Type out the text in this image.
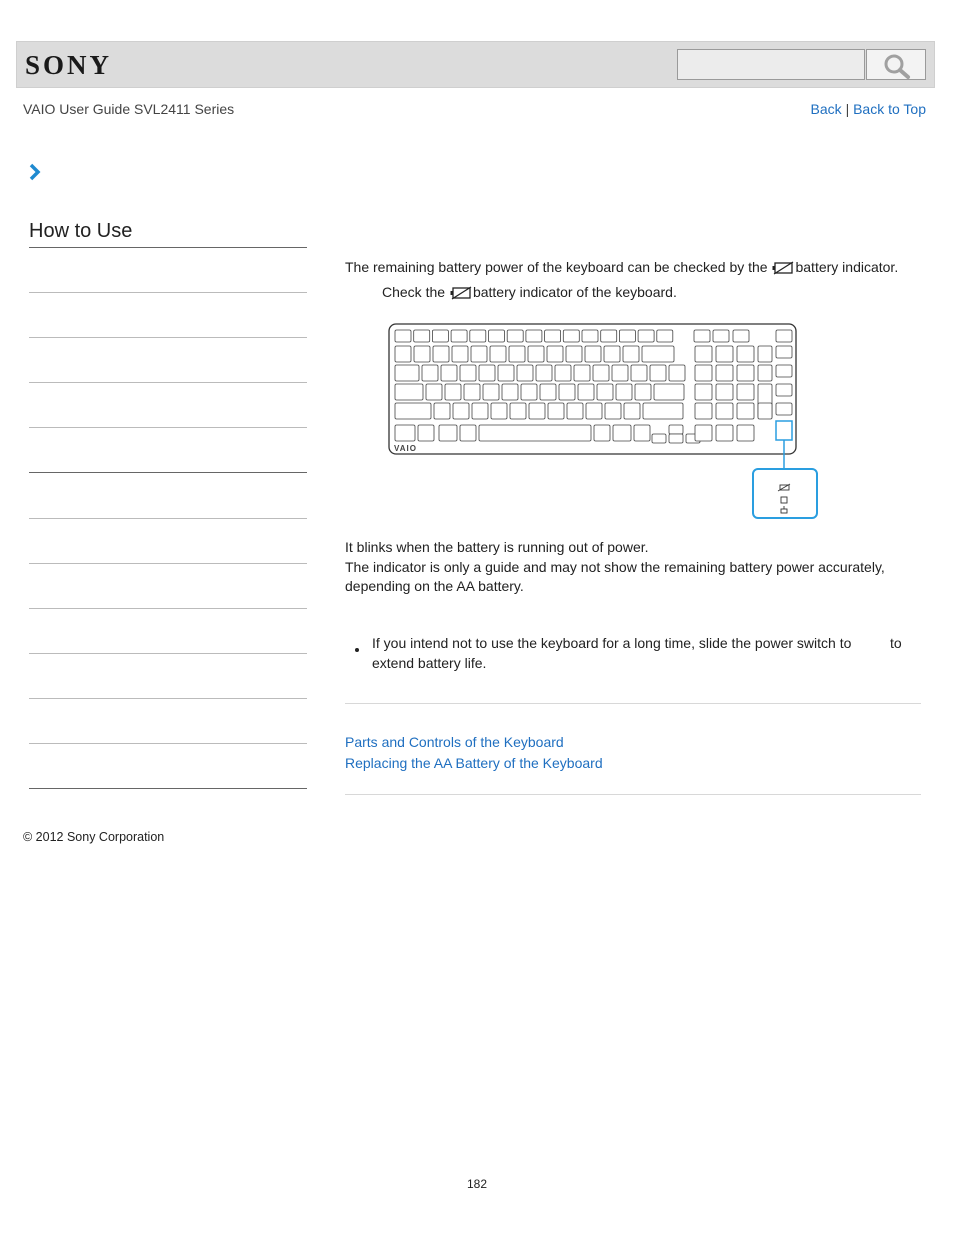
SONY
VAIO User Guide SVL2411 Series	Back | Back to Top
How to Use
The remaining battery power of the keyboard can be checked by the battery indicator.
Check the battery indicator of the keyboard.
It blinks when the battery is running out of power.
The indicator is only a guide and may not show the remaining battery power accurately,
depending on the AA battery.
If you intend not to use the keyboard for a long time, slide the power switch to	to
extend battery life.
Parts and Controls of the Keyboard
Replacing the AA Battery of the Keyboard
VAIO
© 2012 Sony Corporation
182
